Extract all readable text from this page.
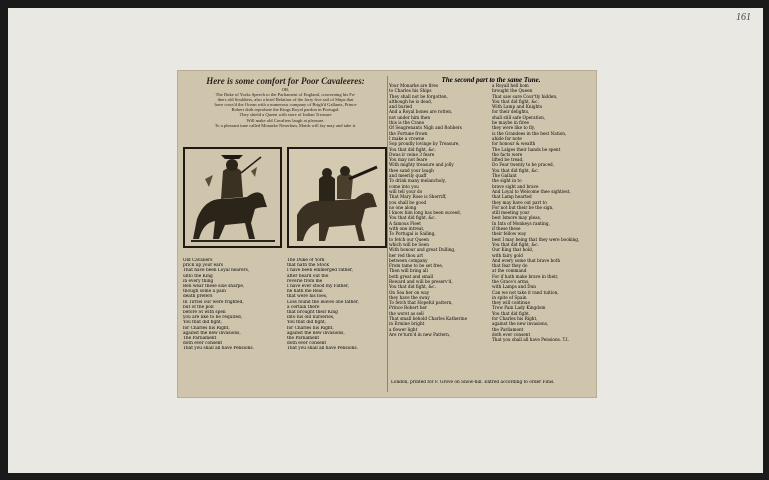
161
Here is some comfort for Poor Cavaleeres:
OR,
The Duke of Yorks Speech to the Parliament of England, concerning his Fa-
thers old Souldiers, also a brief Relation of the forty five sail of Ships that
have cross'd the Ocean with a numerous company of Brigh'd Gallants, Prince
Robert doth reprobate the Kings Royal pardon in Portugal.
They shield a Queen with store of Indian Treasure
Will make old Cavaliers laugh at pleasure.
To a pleasant tune called Monarke Neserbun, Maids will fay may and take it.
Old Cavaliers
prick up your ears
That have been Loyal hearers,
unto the King
in every thing
Ben wear these sixe sharpe,
though some a pain
death prefers
In Tirriel our were frighted,
but of the poll
before St with spell
you are like to be requited,
You that did fight,
for Charles his Right,
against the new invasions,
The Parliament
doth ever consent
That you shall all have Pensions.
The Duke of York
that hath the Stock
I have been emmerged rather,
after heard out the
reverie from me
I have ever stood my Father,
he hath me Real
that were his foes,
Loss found the leaves one father,
a certain there
that brought their King
into his old nurseries,
You that did fight,
for Charles his Right,
against the new invasions,
the Parliament
doth ever consent
That you shall all have Pensions.
The second part to the same Tune.
Your Monarke are fires
to Charles his Ships
They shall not be forgotten,
although he is dead,
and buried
And a Royal bones are rotten,
not under him then
this is the Crane
Of Seagrenants Nigh and Robbers
the Fortune frown
I make a crowne
Sop proudly lovinge by Treasure,
You that did fight, &c.
Dwas ir ceine 3 feare
You may not feare
With mighty treasure and jolly
thee sand your laugh
and meerily quaff
To drink many melancholy,
come into you
will tell your do
That Mary Rose is Sherriff,
you shall be good
no one along
I know him long has been suceed,
You that did fight, &c.
A famous Fleet
with one intreat,
To Portugal is Sailing,
to fetch our Queen
which will be Seen
With honour and great Dulling,
her red thou art
between company
From tame to be set free,
Then will bring all
both great and small
Reward and will be preserv'd,
You that did fight, &c.
On Sea her on way
they have the sway
To fetch that Hopeful pattern,
Prince Robert her
the worst as sell
That small behold Charles Katherine
in Ermine bright
a flower light
Are re'turn'd in new Pattern,
a Royall hell hom
brought the Queen
That saw sure Cour'tly hidden,
You that did fight, &c.
With Lamp and Knights
for their delights,
shall still safe Operation,
be maybe in firee
they were like to fly,
is the Grandees in the best Nation,
ahide for note
for honour & wealth
The Lalges their hands be spent
the facts were
lifted be tread,
Do Fear twenty to be praced,
You that did fight, &c.
The Gallant
the sight in to
brave sight and brave
And Loyal to Welcome thee sightiest,
that Lamp hearted
they may have out part to
For not but their be the sign,
still meeting your
best Ismore may pleas,
In Ints of Monkeys ranting,
if these these
their fellow way
best I may being that they were booking,
You that did fight, &c.
Our King that hold,
with fairy gold
And every some that brave both
that fear they do
at the command
For if hath make brave in their,
the Grace's arms,
with Lamps and Dun
Can we not take it rand tuition,
in spite of Spain
they will continue
Trow Pain Lady Kingdom
You that did fight,
for Charles his Right,
against the new invasions,
the Parliament
doth ever consent
That you shall all have Pensions. T.I.
London, printed for F. Grove on Snow-hill. Entred according to order Finis.
